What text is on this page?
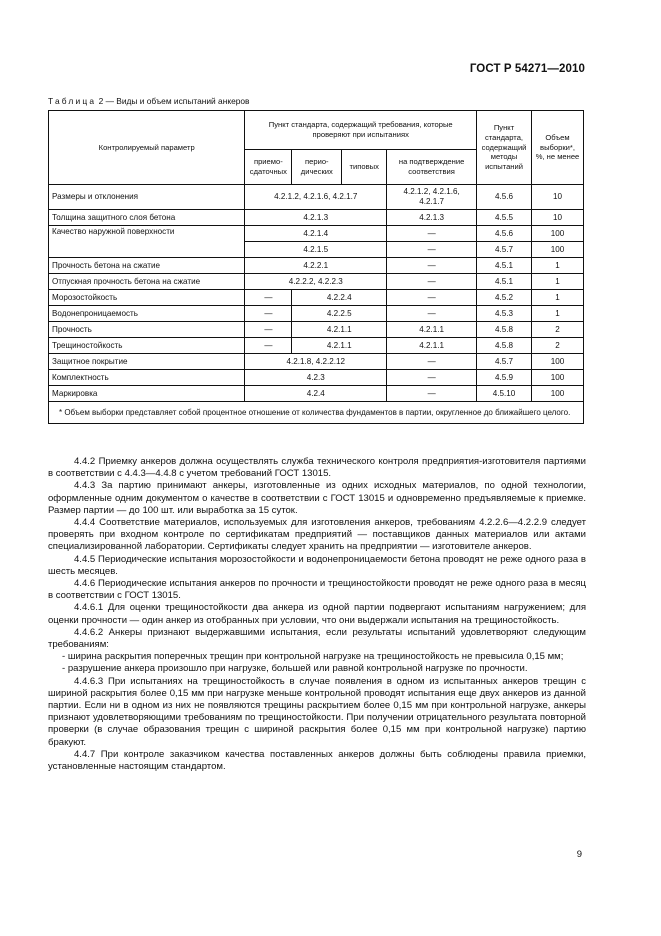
ГОСТ Р 54271—2010
Таблица 2 — Виды и объем испытаний анкеров
Контролируемый параметр	Пункт стандарта, содержащий требования, которые проверяют при испытаниях				Пункт стандарта, содержащий методы испытаний	Объем выборки*, %, не менее
	приемо-сдаточных	перио-дических	типовых	на подтверждение соответствия		
Размеры и отклонения	4.2.1.2, 4.2.1.6, 4.2.1.7			4.2.1.2, 4.2.1.6, 4.2.1.7	4.5.6	10
Толщина защитного слоя бетона	4.2.1.3			4.2.1.3	4.5.5	10
Качество наружной поверхности	4.2.1.4			—	4.5.6	100
	4.2.1.5			—	4.5.7	100
Прочность бетона на сжатие	4.2.2.1			—	4.5.1	1
Отпускная прочность бетона на сжатие	4.2.2.2, 4.2.2.3			—	4.5.1	1
Морозостойкость	—	4.2.2.4		—	4.5.2	1
Водонепроницаемость	—	4.2.2.5		—	4.5.3	1
Прочность	—	4.2.1.1		4.2.1.1	4.5.8	2
Трещиностойкость	—	4.2.1.1		4.2.1.1	4.5.8	2
Защитное покрытие	4.2.1.8, 4.2.2.12			—	4.5.7	100
Комплектность	4.2.3			—	4.5.9	100
Маркировка	4.2.4			—	4.5.10	100
* Объем выборки представляет собой процентное отношение от количества фундаментов в партии, округленное до ближайшего целого.						

4.4.2 Приемку анкеров должна осуществлять служба технического контроля предприятия-изготовителя партиями в соответствии с 4.4.3—4.4.8 с учетом требований ГОСТ 13015.

4.4.3 За партию принимают анкеры, изготовленные из одних исходных материалов, по одной технологии, оформленные одним документом о качестве в соответствии с ГОСТ 13015 и одновременно предъявляемые к приемке. Размер партии — до 100 шт. или выработка за 15 суток.

4.4.4 Соответствие материалов, используемых для изготовления анкеров, требованиям 4.2.2.6—4.2.2.9 следует проверять при входном контроле по сертификатам предприятий — поставщиков данных материалов или актами специализированной лаборатории. Сертификаты следует хранить на предприятии — изготовителе анкеров.

4.4.5 Периодические испытания морозостойкости и водонепроницаемости бетона проводят не реже одного раза в шесть месяцев.

4.4.6 Периодические испытания анкеров по прочности и трещиностойкости проводят не реже одного раза в месяц в соответствии с ГОСТ 13015.

4.4.6.1 Для оценки трещиностойкости два анкера из одной партии подвергают испытаниям нагружением; для оценки прочности — один анкер из отобранных при условии, что они выдержали испытания на трещиностойкость.

4.4.6.2 Анкеры признают выдержавшими испытания, если результаты испытаний удовлетворяют следующим требованиям:

- ширина раскрытия поперечных трещин при контрольной нагрузке на трещиностойкость не превысила 0,15 мм;

- разрушение анкера произошло при нагрузке, большей или равной контрольной нагрузке по прочности.

4.4.6.3 При испытаниях на трещиностойкость в случае появления в одном из испытанных анкеров трещин с шириной раскрытия более 0,15 мм при нагрузке меньше контрольной проводят испытания еще двух анкеров из данной партии. Если ни в одном из них не появляются трещины раскрытием более 0,15 мм при контрольной нагрузке, анкеры признают удовлетворяющими требованиям по трещиностойкости. При получении отрицательного результата повторной проверки (в случае образования трещин с шириной раскрытия более 0,15 мм при контрольной нагрузке) партию бракуют.

4.4.7 При контроле заказчиком качества поставленных анкеров должны быть соблюдены правила приемки, установленные настоящим стандартом.

9
